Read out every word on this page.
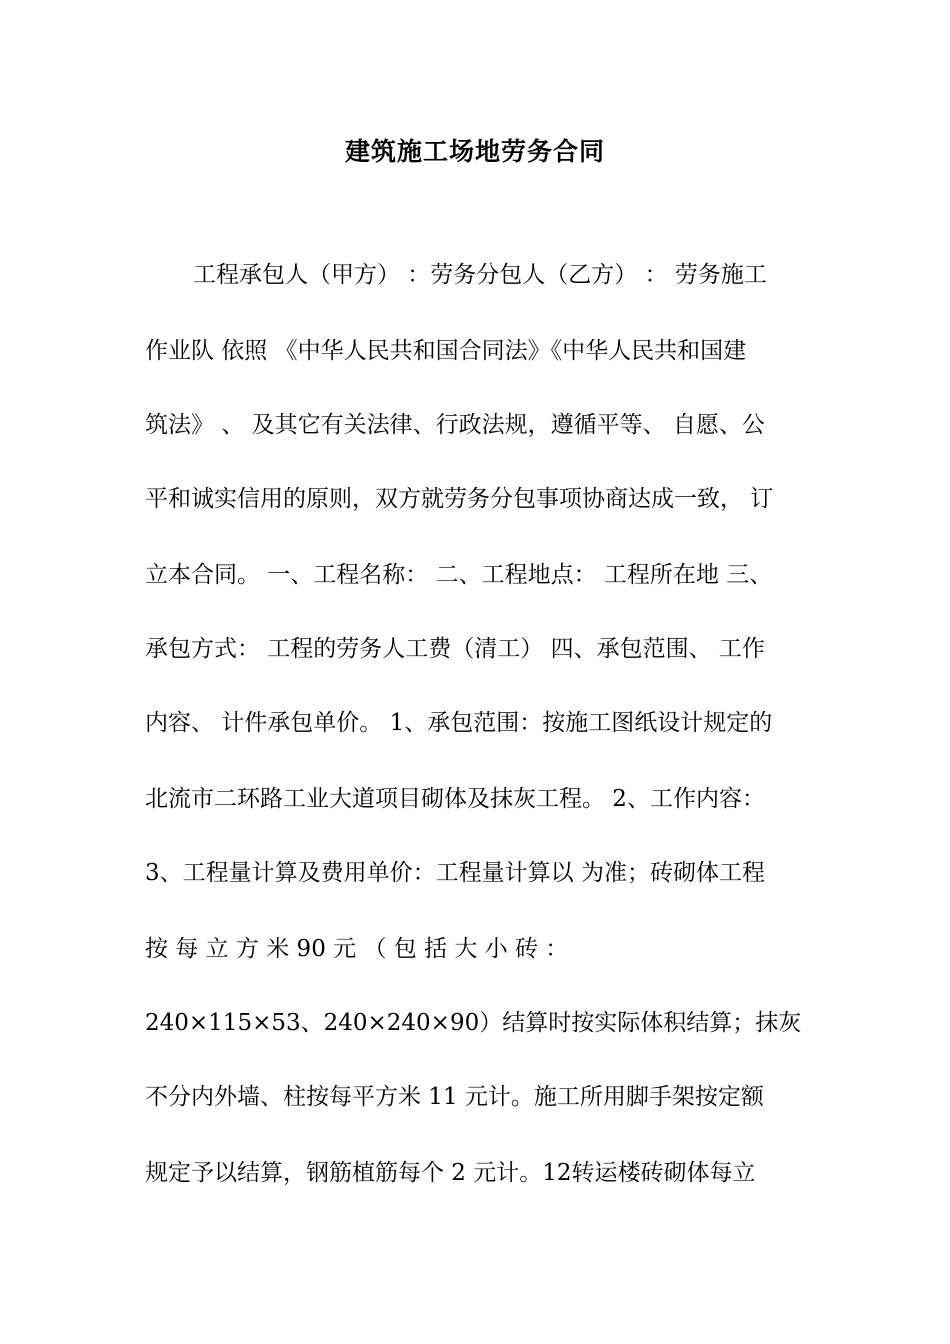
建筑施工场地劳务合同
工程承包人（甲方） ：劳务分包人（乙方） ： 劳务施工
作业队 依照 《中华人民共和国合同法》《中华人民共和国建
筑法》 、 及其它有关法律、行政法规，遵循平等、 自愿、公
平和诚实信用的原则，双方就劳务分包事项协商达成一致， 订
立本合同。 一、工程名称： 二、工程地点： 工程所在地 三、
承包方式： 工程的劳务人工费（清工） 四、承包范围、 工作
内容、 计件承包单价。 1、承包范围：按施工图纸设计规定的
北流市二环路工业大道项目砌体及抹灰工程。 2、工作内容：
3、工程量计算及费用单价：工程量计算以 为准；砖砌体工程
按 每 立 方 米 90 元 （ 包 括 大 小 砖 ：
240×115×53、240×240×90）结算时按实际体积结算；抹灰
不分内外墙、柱按每平方米 11 元计。施工所用脚手架按定额
规定予以结算，钢筋植筋每个 2 元计。12转运楼砖砌体每立
